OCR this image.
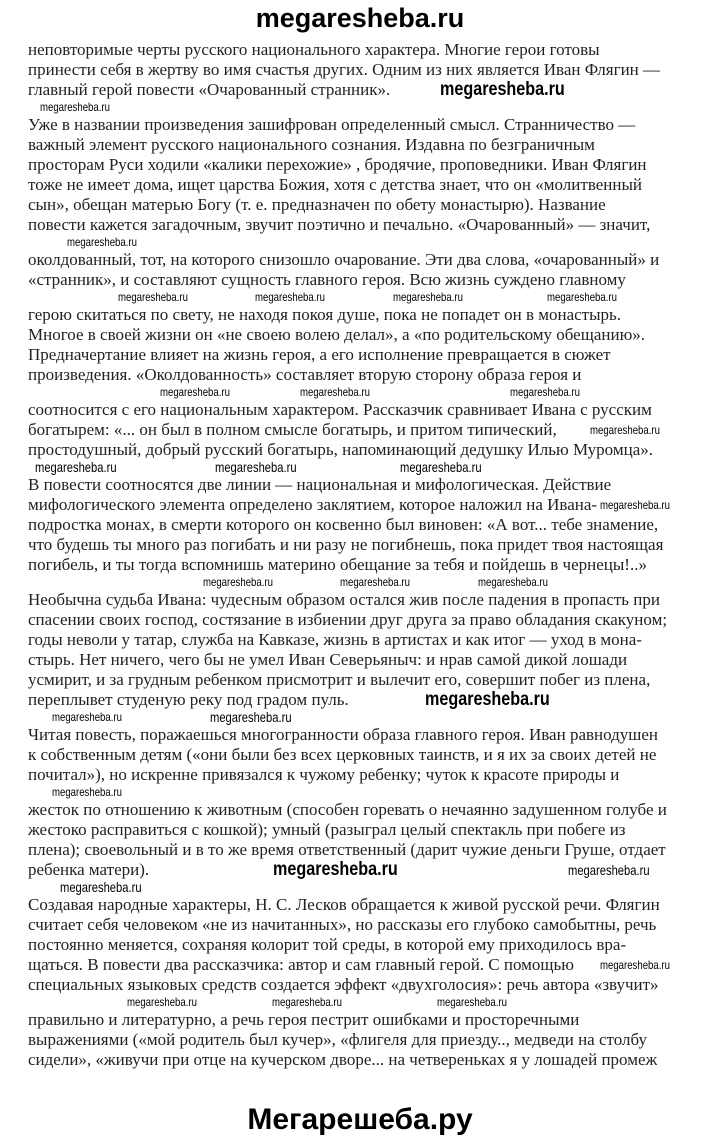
megaresheba.ru
неповторимые черты русского национального характера. Многие герои готовы
принести себя в жертву во имя счастья других. Одним из них является Иван Флягин —
главный герой повести «Очарованный странник».	megaresheba.ru
megaresheba.ru
Уже в названии произведения зашифрован определенный смысл. Странничество —
важный элемент русского национального сознания. Издавна по безграничным
просторам Руси ходили «калики перехожие» , бродячие, проповедники. Иван Флягин
тоже не имеет дома, ищет царства Божия, хотя с детства знает, что он «молитвенный
сын», обещан матерью Богу (т. е. предназначен по обету монастырю). Название
повести кажется загадочным, звучит поэтично и печально. «Очарованный» — значит,
megaresheba.ru
околдованный, тот, на которого снизошло очарование. Эти два слова, «очарованный» и
«странник», и составляют сущность главного героя. Всю жизнь суждено главному
megaresheba.ru	megaresheba.ru	megaresheba.ru	megaresheba.ru
герою скитаться по свету, не находя покоя душе, пока не попадет он в монастырь.
Многое в своей жизни он «не своею волею делал», а «по родительскому обещанию».
Предначертание влияет на жизнь героя, а его исполнение превращается в сюжет
произведения. «Околдованность» составляет вторую сторону образа героя и
megaresheba.ru	megaresheba.ru	megaresheba.ru
соотносится с его национальным характером. Рассказчик сравнивает Ивана с русским
богатырем: «... он был в полном смысле богатырь, и притом типический,	megaresheba.ru
простодушный, добрый русский богатырь, напоминающий дедушку Илью Муромца».
megaresheba.ru	megaresheba.ru	megaresheba.ru
В повести соотносятся две линии — национальная и мифологическая. Действие
мифологического элемента определено заклятием, которое наложил на Ивана- megaresheba.ru
подростка монах, в смерти которого он косвенно был виновен: «А вот... тебе знамение,
что будешь ты много раз погибать и ни разу не погибнешь, пока придет твоя настоящая
погибель, и ты тогда вспомнишь материно обещание за тебя и пойдешь в чернецы!..»
megaresheba.ru	megaresheba.ru	megaresheba.ru
Необычна судьба Ивана: чудесным образом остался жив после падения в пропасть при
спасении своих господ, состязание в избиении друг друга за право обладания скакуном;
годы неволи у татар, служба на Кавказе, жизнь в артистах и как итог — уход в мона-
стырь. Нет ничего, чего бы не умел Иван Северьяныч: и нрав самой дикой лошади
усмирит, и за грудным ребенком присмотрит и вылечит его, совершит побег из плена,
переплывет студеную реку под градом пуль.	megaresheba.ru
megaresheba.ru	megaresheba.ru
Читая повесть, поражаешься многогранности образа главного героя. Иван равнодушен
к собственным детям («они были без всех церковных таинств, и я их за своих детей не
почитал»), но искренне привязался к чужому ребенку; чуток к красоте природы и
megaresheba.ru
жесток по отношению к животным (способен горевать о нечаянно задушенном голубе и
жестоко расправиться с кошкой); умный (разыграл целый спектакль при побеге из
плена); своевольный и в то же время ответственный (дарит чужие деньги Груше, отдает
ребенка матери).	megaresheba.ru	megaresheba.ru
megaresheba.ru
Создавая народные характеры, Н. С. Лесков обращается к живой русской речи. Флягин
считает себя человеком «не из начитанных», но рассказы его глубоко самобытны, речь
постоянно меняется, сохраняя колорит той среды, в которой ему приходилось вра-
щаться. В повести два рассказчика: автор и сам главный герой. С помощью megaresheba.ru
специальных языковых средств создается эффект «двухголосия»: речь автора «звучит»
megaresheba.ru	megaresheba.ru	megaresheba.ru
правильно и литературно, а речь героя пестрит ошибками и просторечными
выражениями («мой родитель был кучер», «флигеля для приезду.., медведи на столбу
сидели», «живучи при отце на кучерском дворе... на четвереньках я у лошадей промеж
Мегарешеба.ру
